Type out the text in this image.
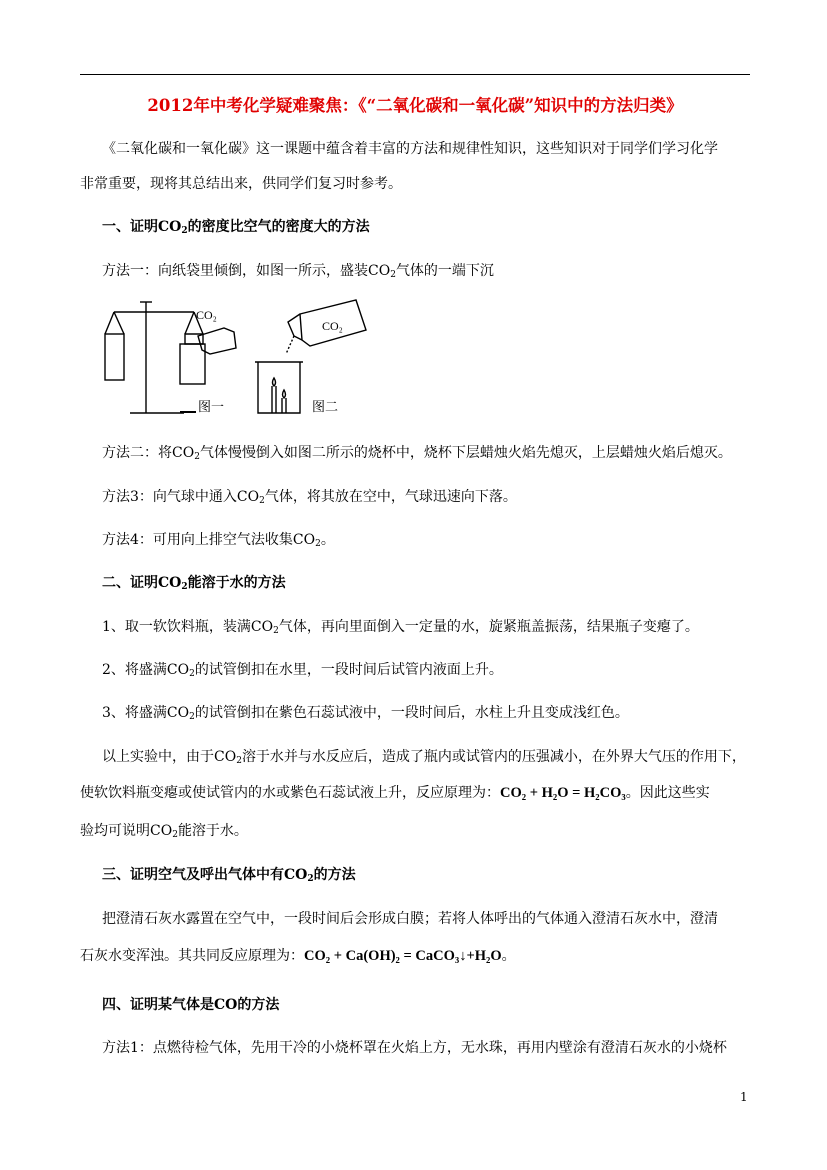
2012年中考化学疑难聚焦：《“二氧化碳和一氧化碳”知识中的方法归类》
《二氧化碳和一氧化碳》这一课题中蕴含着丰富的方法和规律性知识，这些知识对于同学们学习化学
非常重要，现将其总结出来，供同学们复习时参考。
一、证明$CO_2$的密度比空气的密度大的方法
方法一：向纸袋里倾倒，如图一所示，盛装$CO_2$气体的一端下沉
CO₂
CO₂
图一	图二
方法二：将$CO_2$气体慢慢倒入如图二所示的烧杯中，烧杯下层蜡烛火焰先熄灭，上层蜡烛火焰后熄灭。
方法3：向气球中通入$CO_2$气体，将其放在空中，气球迅速向下落。
方法4：可用向上排空气法收集$CO_2$。
二、证明$CO_2$能溶于水的方法
1、取一软饮料瓶，装满$CO_2$气体，再向里面倒入一定量的水，旋紧瓶盖振荡，结果瓶子变瘪了。
2、将盛满$CO_2$的试管倒扣在水里，一段时间后试管内液面上升。
3、将盛满$CO_2$的试管倒扣在紫色石蕊试液中，一段时间后，水柱上升且变成浅红色。
以上实验中，由于$CO_2$溶于水并与水反应后，造成了瓶内或试管内的压强减小，在外界大气压的作用下，
使软饮料瓶变瘪或使试管内的水或紫色石蕊试液上升，反应原理为：CO₂ + H₂O = H₂CO₃。因此这些实
验均可说明$CO_2$能溶于水。
三、证明空气及呼出气体中有$CO_2$的方法
把澄清石灰水露置在空气中，一段时间后会形成白膜；若将人体呼出的气体通入澄清石灰水中，澄清
石灰水变浑浊。其共同反应原理为：CO₂ + Ca(OH)₂ = CaCO₃↓+H₂O。
四、证明某气体是CO的方法
方法1：点燃待检气体，先用干冷的小烧杯罩在火焰上方，无水珠，再用内壁涂有澄清石灰水的小烧杯
1
